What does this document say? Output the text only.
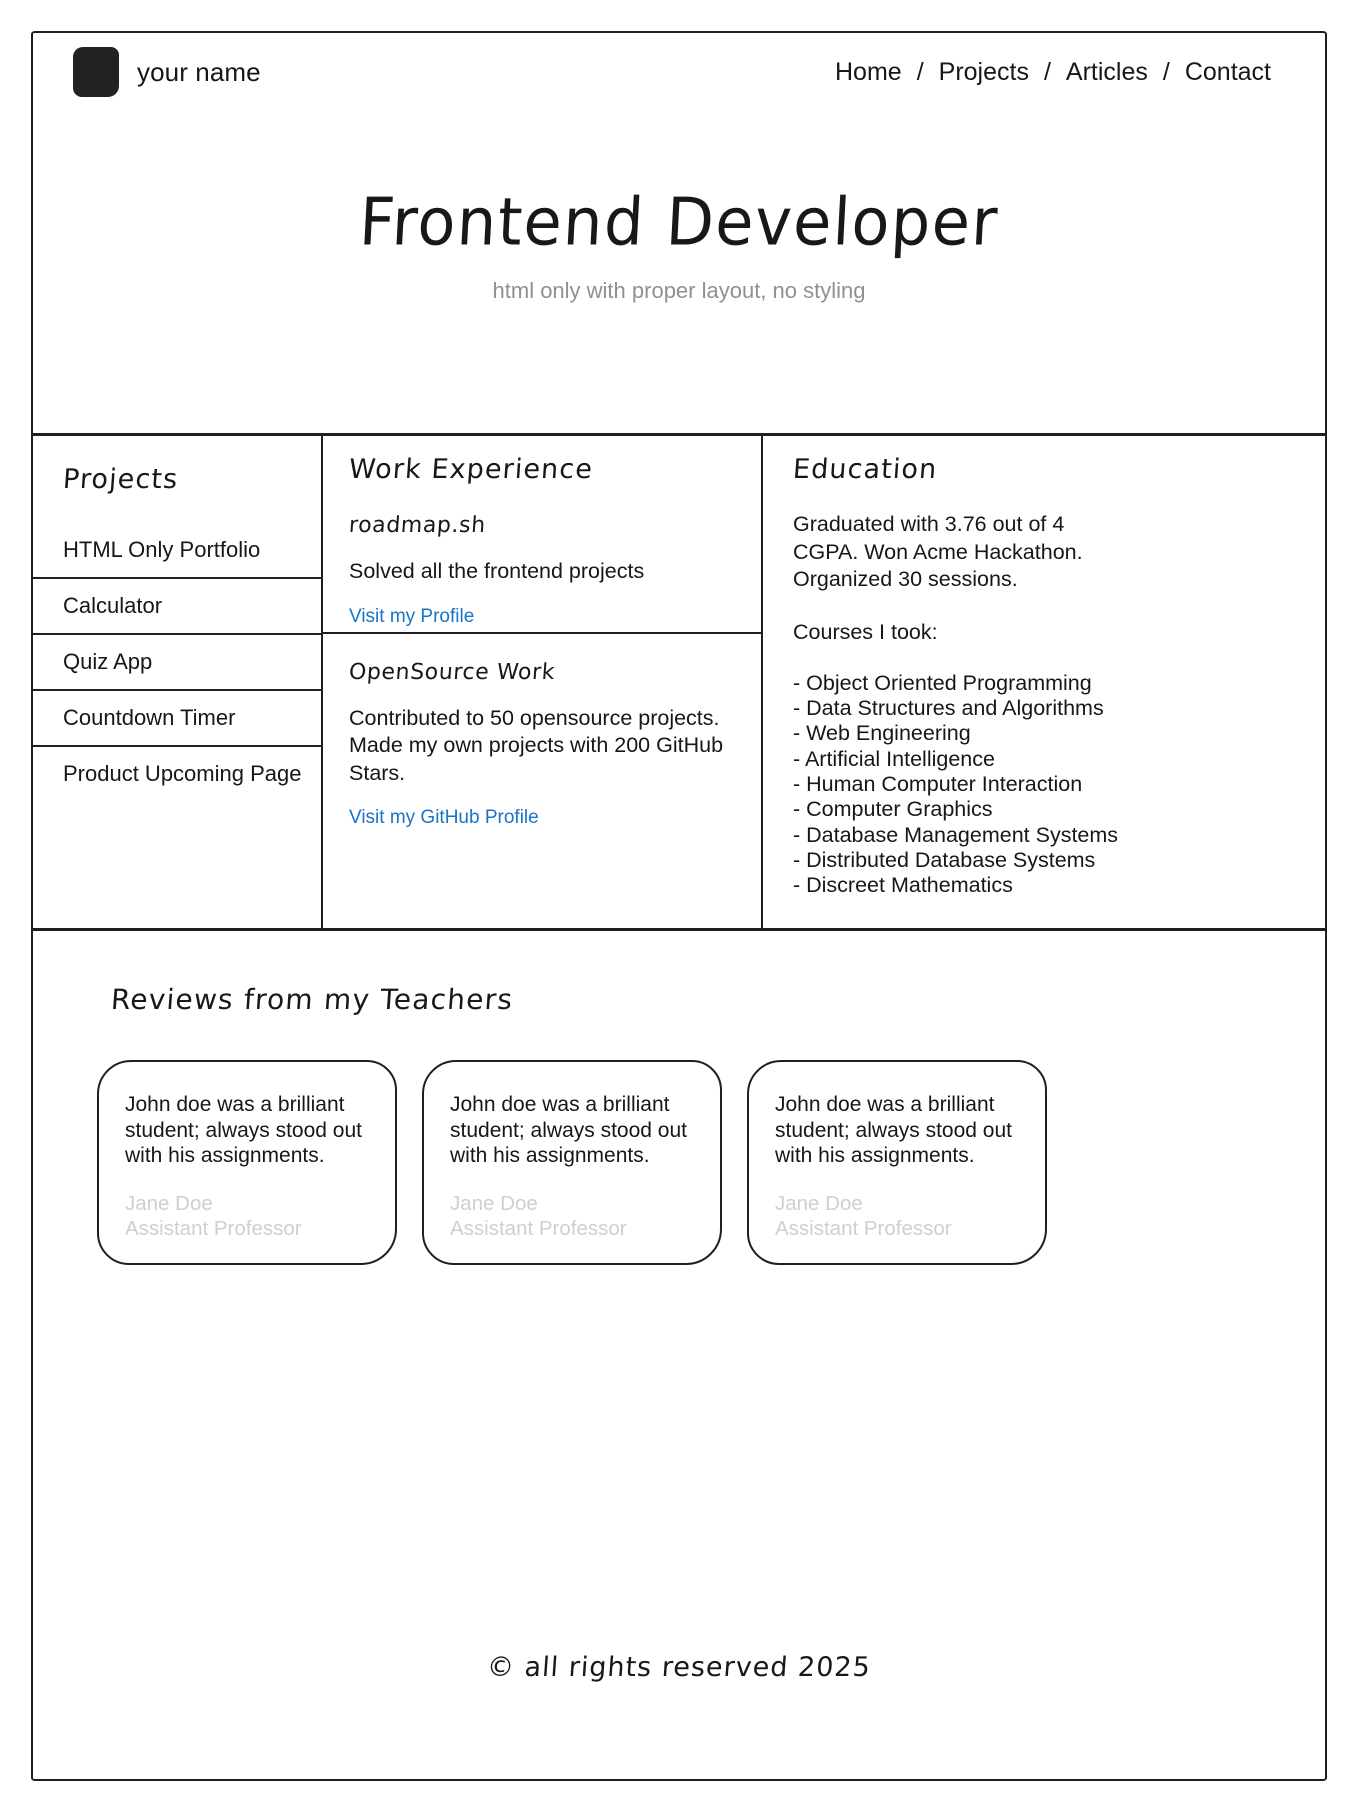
your name	Home / Projects / Articles / Contact
Frontend Developer

html only with proper layout, no styling

Projects
HTML Only Portfolio
Calculator
Quiz App
Countdown Timer
Product Upcoming Page
Work Experience

roadmap.sh

Solved all the frontend projects

Visit my Profile

OpenSource Work

Contributed to 50 opensource projects. Made my own projects with 200 GitHub Stars.

Visit my GitHub Profile
Education

Graduated with 3.76 out of 4 CGPA. Won Acme Hackathon. Organized 30 sessions.

Courses I took:

- Object Oriented Programming
- Data Structures and Algorithms
- Web Engineering
- Artificial Intelligence
- Human Computer Interaction
- Computer Graphics
- Database Management Systems
- Distributed Database Systems
- Discreet Mathematics
Reviews from my Teachers

John doe was a brilliant student; always stood out with his assignments.

Jane Doe
Assistant Professor

John doe was a brilliant student; always stood out with his assignments.

Jane Doe
Assistant Professor

John doe was a brilliant student; always stood out with his assignments.

Jane Doe
Assistant Professor
© all rights reserved 2025
